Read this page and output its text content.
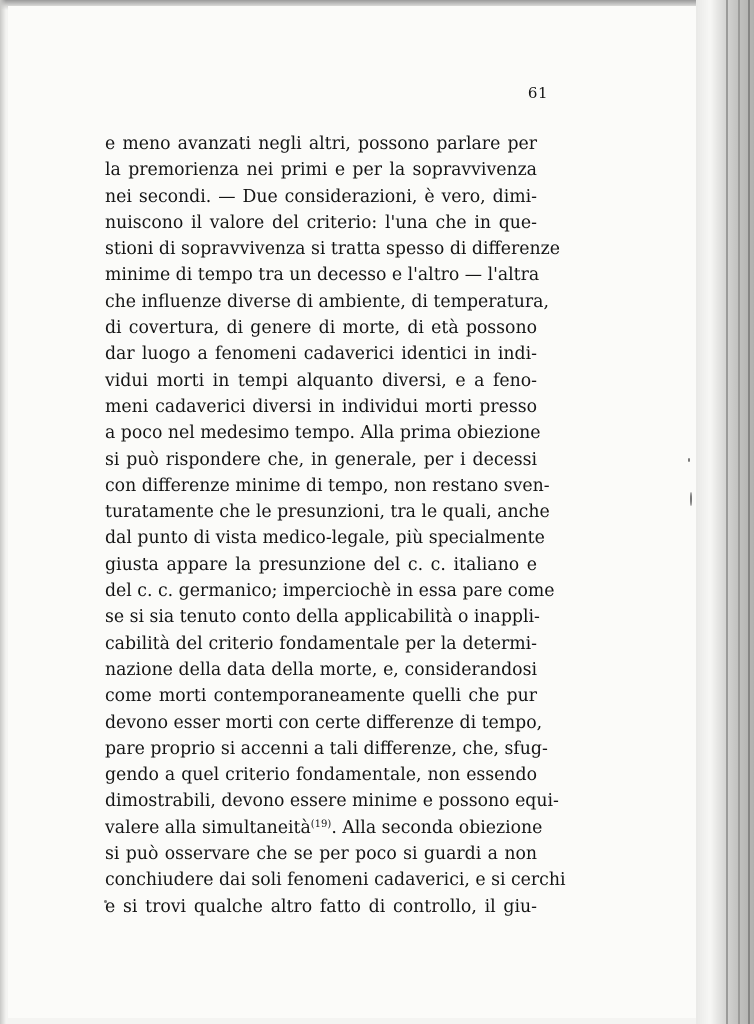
61
e meno avanzati negli altri, possono parlare per
la premorienza nei primi e per la sopravvivenza
nei secondi. — Due considerazioni, è vero, dimi-
nuiscono il valore del criterio: l'una che in que-
stioni di sopravvivenza si tratta spesso di differenze
minime di tempo tra un decesso e l'altro — l'altra
che influenze diverse di ambiente, di temperatura,
di covertura, di genere di morte, di età possono
dar luogo a fenomeni cadaverici identici in indi-
vidui morti in tempi alquanto diversi, e a feno-
meni cadaverici diversi in individui morti presso
a poco nel medesimo tempo. Alla prima obiezione
si può rispondere che, in generale, per i decessi
con differenze minime di tempo, non restano sven-
turatamente che le presunzioni, tra le quali, anche
dal punto di vista medico-legale, più specialmente
giusta appare la presunzione del c. c. italiano e
del c. c. germanico; imperciochè in essa pare come
se si sia tenuto conto della applicabilità o inappli-
cabilità del criterio fondamentale per la determi-
nazione della data della morte, e, considerandosi
come morti contemporaneamente quelli che pur
devono esser morti con certe differenze di tempo,
pare proprio si accenni a tali differenze, che, sfug-
gendo a quel criterio fondamentale, non essendo
dimostrabili, devono essere minime e possono equi-
valere alla simultaneità$^{(19)}$. Alla seconda obiezione
si può osservare che se per poco si guardi a non
conchiudere dai soli fenomeni cadaverici, e si cerchi
e si trovi qualche altro fatto di controllo, il giu-
